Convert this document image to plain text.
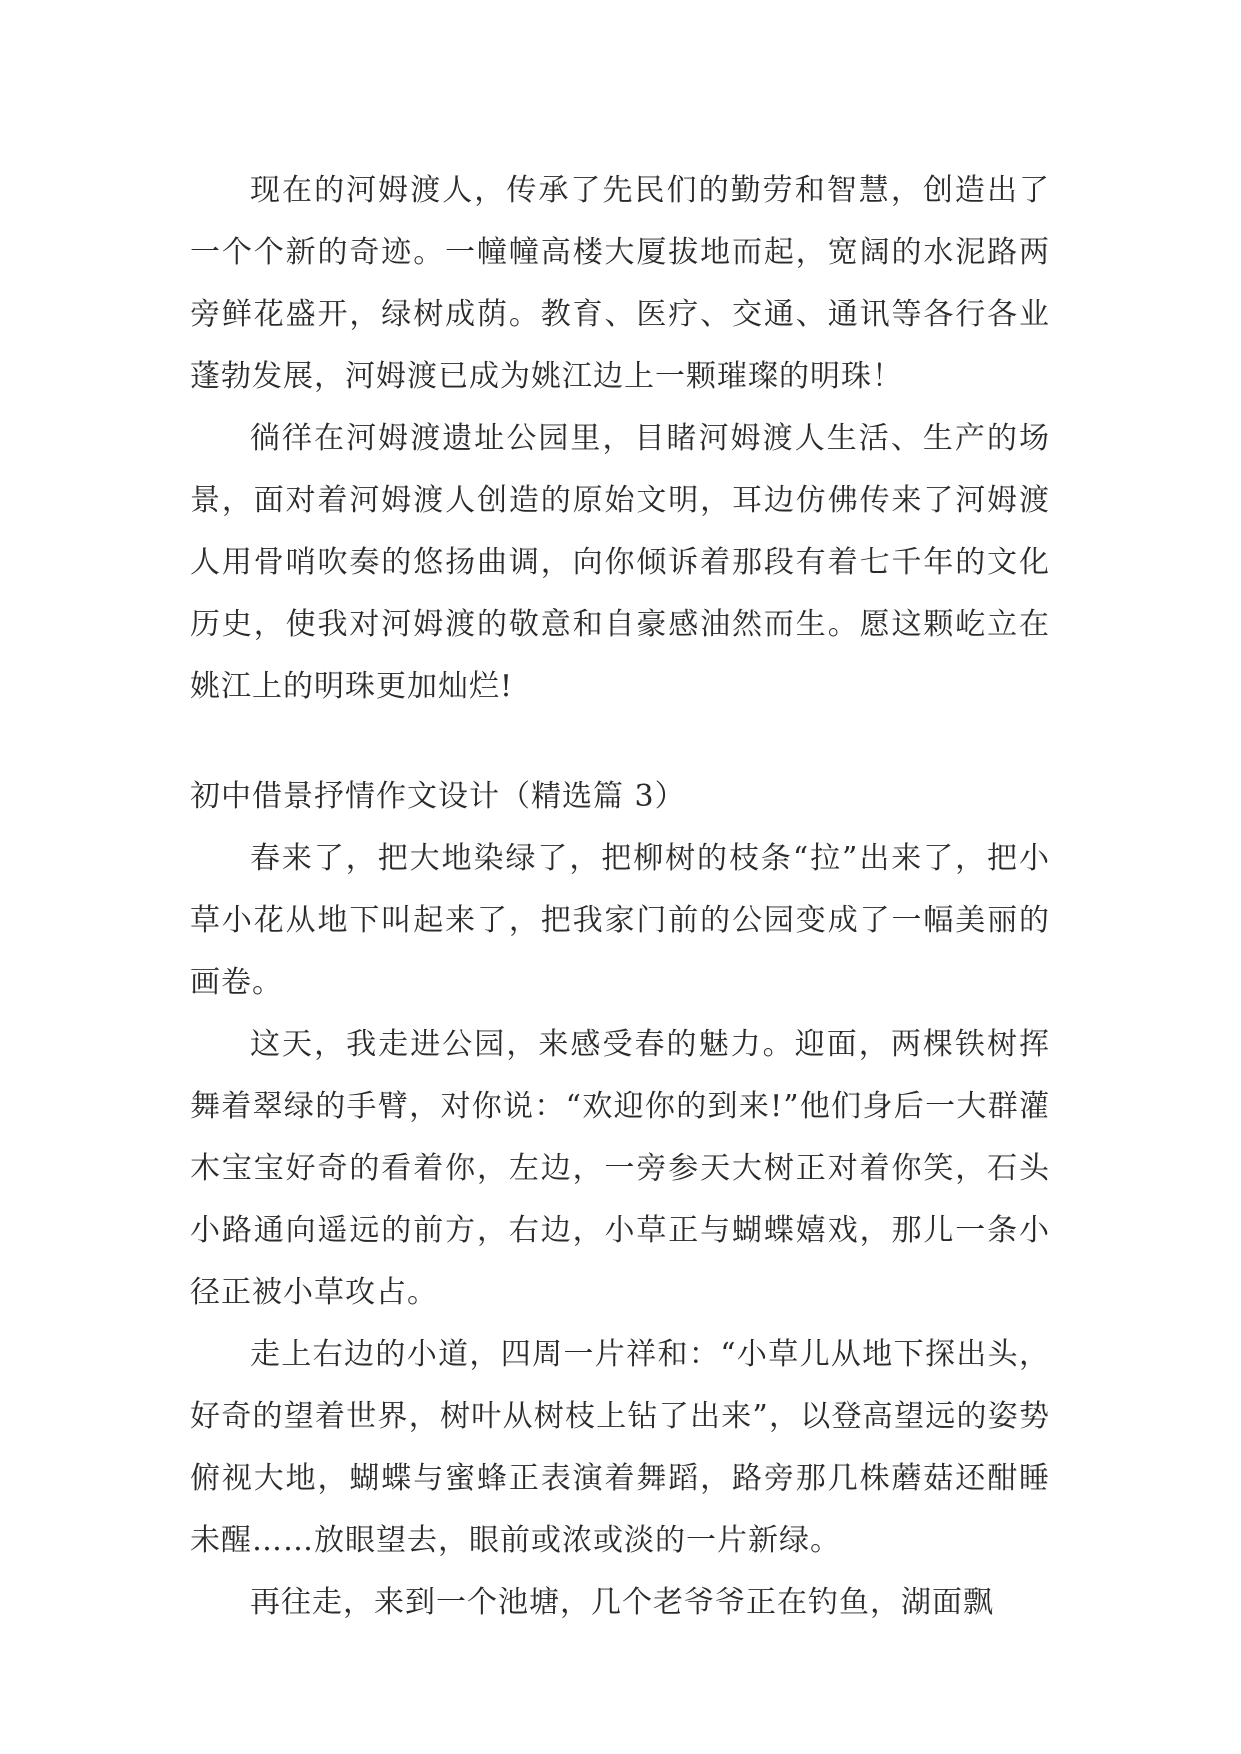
现在的河姆渡人，传承了先民们的勤劳和智慧，创造出了一个个新的奇迹。一幢幢高楼大厦拔地而起，宽阔的水泥路两旁鲜花盛开，绿树成荫。教育、医疗、交通、通讯等各行各业蓬勃发展，河姆渡已成为姚江边上一颗璀璨的明珠！

徜徉在河姆渡遗址公园里，目睹河姆渡人生活、生产的场景，面对着河姆渡人创造的原始文明，耳边仿佛传来了河姆渡人用骨哨吹奏的悠扬曲调，向你倾诉着那段有着七千年的文化历史，使我对河姆渡的敬意和自豪感油然而生。愿这颗屹立在姚江上的明珠更加灿烂!

初中借景抒情作文设计（精选篇 3）

春来了，把大地染绿了，把柳树的枝条“拉”出来了，把小草小花从地下叫起来了，把我家门前的公园变成了一幅美丽的画卷。

这天，我走进公园，来感受春的魅力。迎面，两棵铁树挥舞着翠绿的手臂，对你说：“欢迎你的到来!”他们身后一大群灌木宝宝好奇的看着你，左边，一旁参天大树正对着你笑，石头小路通向遥远的前方，右边，小草正与蝴蝶嬉戏，那儿一条小径正被小草攻占。

走上右边的小道，四周一片祥和：“小草儿从地下探出头，好奇的望着世界，树叶从树枝上钻了出来”，以登高望远的姿势俯视大地，蝴蝶与蜜蜂正表演着舞蹈，路旁那几株蘑菇还酣睡未醒……放眼望去，眼前或浓或淡的一片新绿。

再往走，来到一个池塘，几个老爷爷正在钓鱼，湖面飘
